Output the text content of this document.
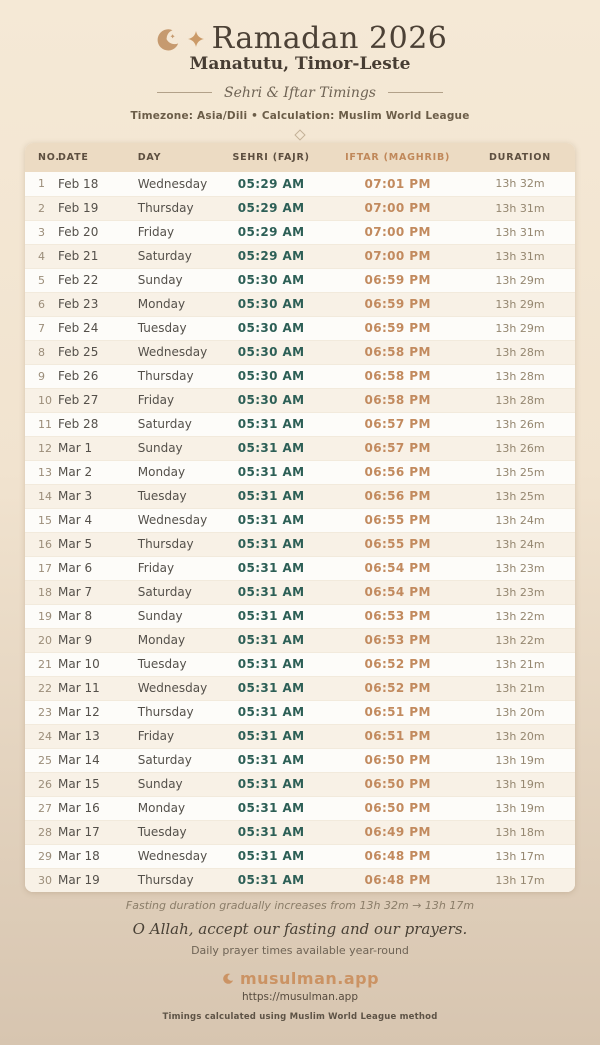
Ramadan 2026
Manatutu, Timor-Leste
Sehri & Iftar Timings
Timezone: Asia/Dili • Calculation: Muslim World League
NO.	DATE	DAY	SEHRI (FAJR)	IFTAR (MAGHRIB)	DURATION
1	Feb 18	Wednesday	05:29 AM	07:01 PM	13h 32m
2	Feb 19	Thursday	05:29 AM	07:00 PM	13h 31m
3	Feb 20	Friday	05:29 AM	07:00 PM	13h 31m
4	Feb 21	Saturday	05:29 AM	07:00 PM	13h 31m
5	Feb 22	Sunday	05:30 AM	06:59 PM	13h 29m
6	Feb 23	Monday	05:30 AM	06:59 PM	13h 29m
7	Feb 24	Tuesday	05:30 AM	06:59 PM	13h 29m
8	Feb 25	Wednesday	05:30 AM	06:58 PM	13h 28m
9	Feb 26	Thursday	05:30 AM	06:58 PM	13h 28m
10	Feb 27	Friday	05:30 AM	06:58 PM	13h 28m
11	Feb 28	Saturday	05:31 AM	06:57 PM	13h 26m
12	Mar 1	Sunday	05:31 AM	06:57 PM	13h 26m
13	Mar 2	Monday	05:31 AM	06:56 PM	13h 25m
14	Mar 3	Tuesday	05:31 AM	06:56 PM	13h 25m
15	Mar 4	Wednesday	05:31 AM	06:55 PM	13h 24m
16	Mar 5	Thursday	05:31 AM	06:55 PM	13h 24m
17	Mar 6	Friday	05:31 AM	06:54 PM	13h 23m
18	Mar 7	Saturday	05:31 AM	06:54 PM	13h 23m
19	Mar 8	Sunday	05:31 AM	06:53 PM	13h 22m
20	Mar 9	Monday	05:31 AM	06:53 PM	13h 22m
21	Mar 10	Tuesday	05:31 AM	06:52 PM	13h 21m
22	Mar 11	Wednesday	05:31 AM	06:52 PM	13h 21m
23	Mar 12	Thursday	05:31 AM	06:51 PM	13h 20m
24	Mar 13	Friday	05:31 AM	06:51 PM	13h 20m
25	Mar 14	Saturday	05:31 AM	06:50 PM	13h 19m
26	Mar 15	Sunday	05:31 AM	06:50 PM	13h 19m
27	Mar 16	Monday	05:31 AM	06:50 PM	13h 19m
28	Mar 17	Tuesday	05:31 AM	06:49 PM	13h 18m
29	Mar 18	Wednesday	05:31 AM	06:48 PM	13h 17m
30	Mar 19	Thursday	05:31 AM	06:48 PM	13h 17m
Fasting duration gradually increases from 13h 32m → 13h 17m
O Allah, accept our fasting and our prayers.
Daily prayer times available year-round
musulman.app
https://musulman.app
Timings calculated using Muslim World League method
